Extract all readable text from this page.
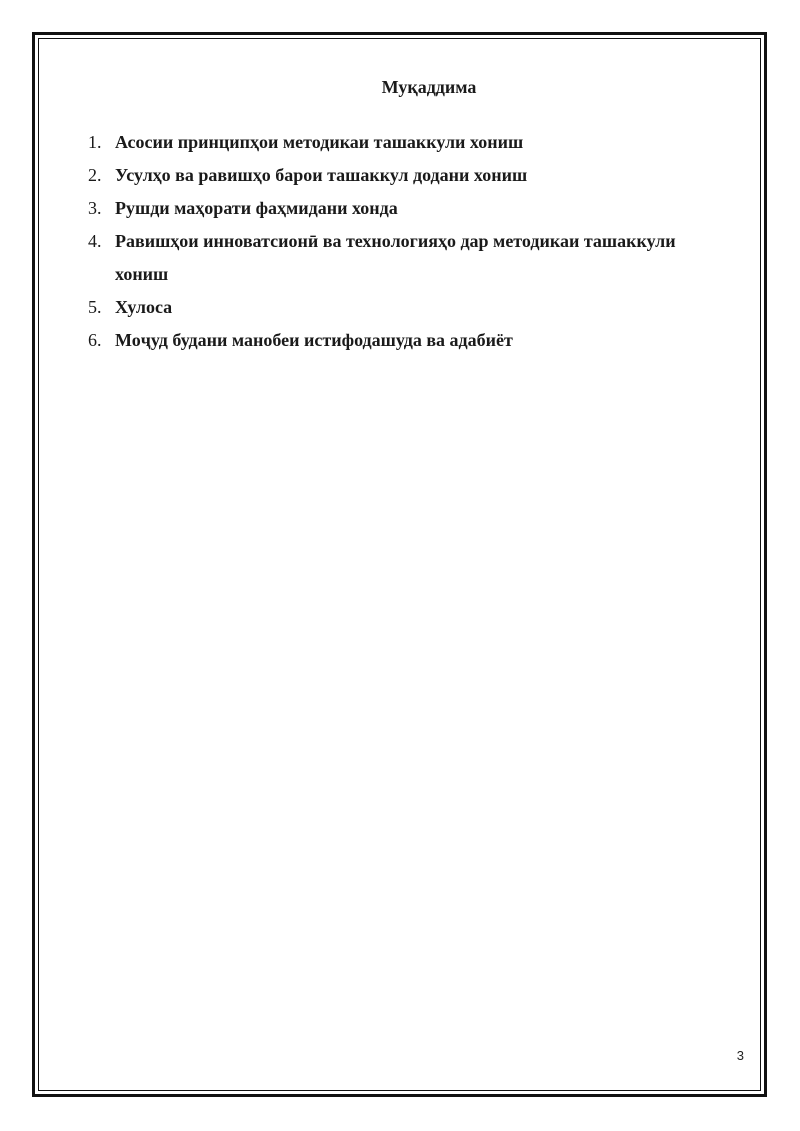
Муқаддима
1. Асосии принципҳои методикаи ташаккули хониш
2. Усулҳо ва равишҳо барои ташаккул додани хониш
3. Рушди маҳорати фаҳмидани хонда
4. Равишҳои инноватсионӣ ва технологияҳо дар методикаи ташаккули хониш
5. Хулоса
6. Моҷуд будани манобеи истифодашуда ва адабиёт
3
